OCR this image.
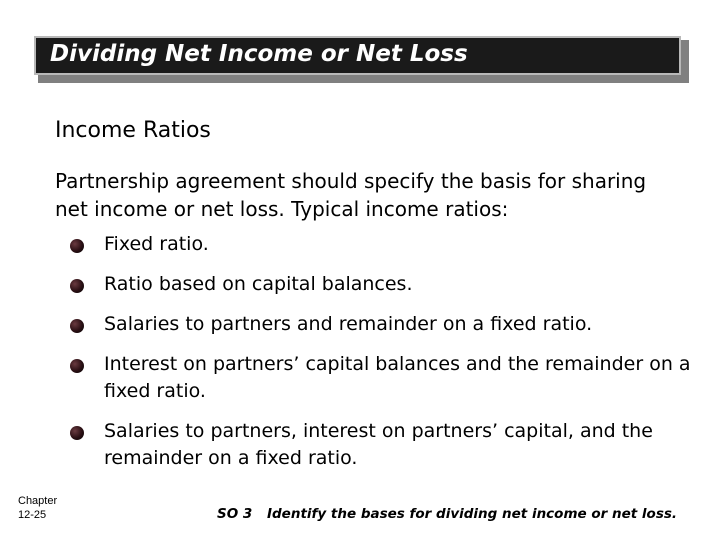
Dividing Net Income or Net Loss
Income Ratios
Partnership agreement should specify the basis for sharing net income or net loss. Typical income ratios:
Fixed ratio.
Ratio based on capital balances.
Salaries to partners and remainder on a fixed ratio.
Interest on partners’ capital balances and the remainder on a fixed ratio.
Salaries to partners, interest on partners’ capital, and the remainder on a fixed ratio.
Chapter
12-25	SO 3 Identify the bases for dividing net income or net loss.
